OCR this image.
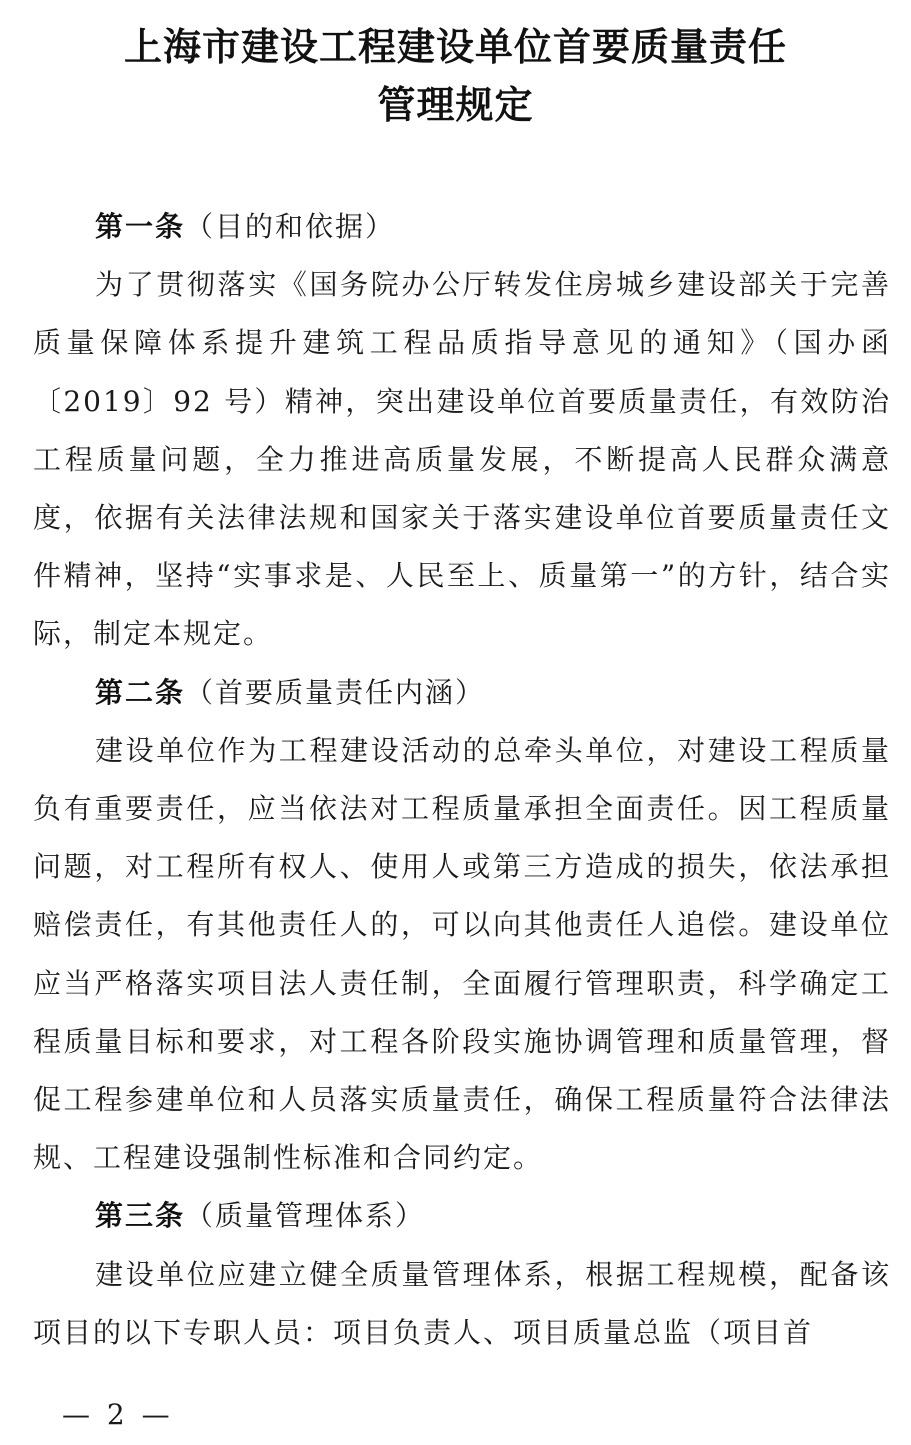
上海市建设工程建设单位首要质量责任
管理规定

第一条（目的和依据）

为了贯彻落实《国务院办公厅转发住房城乡建设部关于完善质量保障体系提升建筑工程品质指导意见的通知》（国办函〔2019〕92 号）精神，突出建设单位首要质量责任，有效防治工程质量问题，全力推进高质量发展，不断提高人民群众满意度，依据有关法律法规和国家关于落实建设单位首要质量责任文件精神，坚持“实事求是、人民至上、质量第一”的方针，结合实际，制定本规定。

第二条（首要质量责任内涵）

建设单位作为工程建设活动的总牵头单位，对建设工程质量负有重要责任，应当依法对工程质量承担全面责任。因工程质量问题，对工程所有权人、使用人或第三方造成的损失，依法承担赔偿责任，有其他责任人的，可以向其他责任人追偿。建设单位应当严格落实项目法人责任制，全面履行管理职责，科学确定工程质量目标和要求，对工程各阶段实施协调管理和质量管理，督促工程参建单位和人员落实质量责任，确保工程质量符合法律法规、工程建设强制性标准和合同约定。

第三条（质量管理体系）

建设单位应建立健全质量管理体系，根据工程规模，配备该项目的以下专职人员：项目负责人、项目质量总监（项目首

— 2 —
